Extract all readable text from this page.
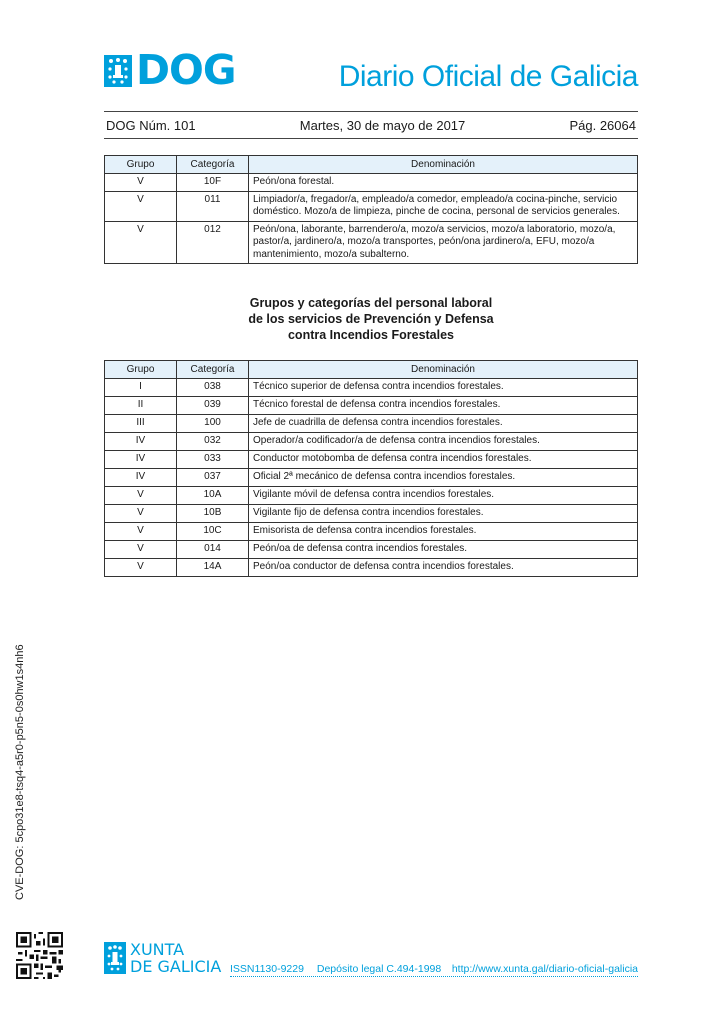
DOG	Diario Oficial de Galicia
DOG Núm. 101	Martes, 30 de mayo de 2017	Pág. 26064
Grupo	Categoría	Denominación
V	10F	Peón/ona forestal.
V	011	Limpiador/a, fregador/a, empleado/a comedor, empleado/a cocina-pinche, servicio doméstico. Mozo/a de limpieza, pinche de cocina, personal de servicios generales.
V	012	Peón/ona, laborante, barrendero/a, mozo/a servicios, mozo/a laboratorio, mozo/a, pastor/a, jardinero/a, mozo/a transportes, peón/ona jardinero/a, EFU, mozo/a mantenimiento, mozo/a subalterno.
Grupos y categorías del personal laboral
de los servicios de Prevención y Defensa
contra Incendios Forestales
Grupo	Categoría	Denominación
I	038	Técnico superior de defensa contra incendios forestales.
II	039	Técnico forestal de defensa contra incendios forestales.
III	100	Jefe de cuadrilla de defensa contra incendios forestales.
IV	032	Operador/a codificador/a de defensa contra incendios forestales.
IV	033	Conductor motobomba de defensa contra incendios forestales.
IV	037	Oficial 2ª mecánico de defensa contra incendios forestales.
V	10A	Vigilante móvil de defensa contra incendios forestales.
V	10B	Vigilante fijo de defensa contra incendios forestales.
V	10C	Emisorista de defensa contra incendios forestales.
V	014	Peón/oa de defensa contra incendios forestales.
V	14A	Peón/oa conductor de defensa contra incendios forestales.
CVE-DOG: 5cpo31e8-tsq4-a5r0-p5n5-0s0hw1s4nh6
XUNTA
DE GALICIA ISSN1130-9229 Depósito legal C.494-1998	http://www.xunta.gal/diario-oficial-galicia
